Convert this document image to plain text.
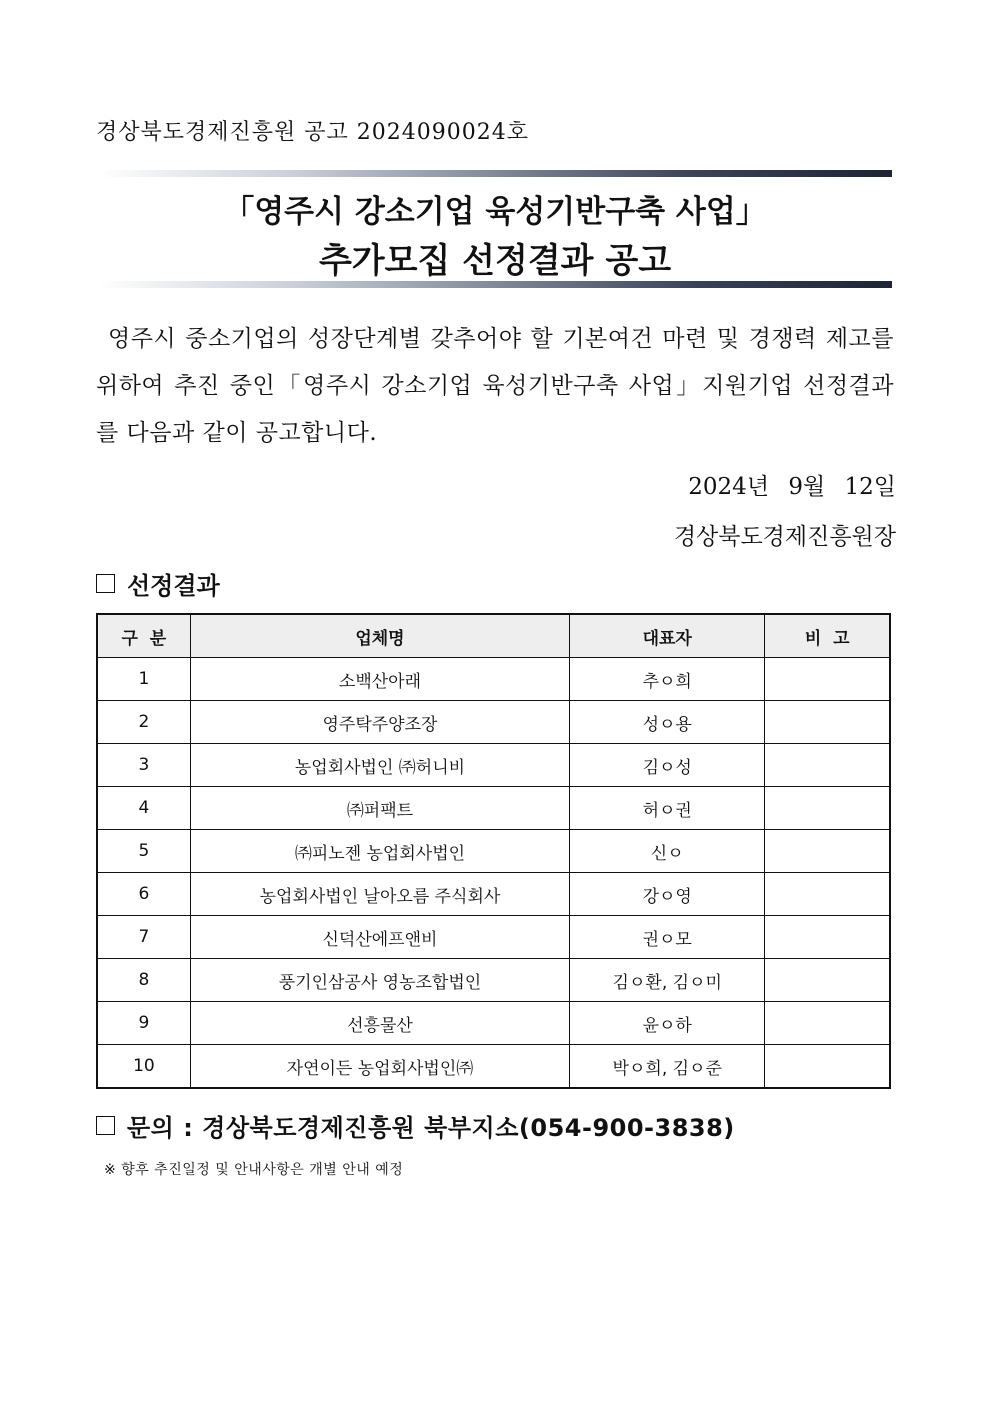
경상북도경제진흥원 공고 2024090024호
「영주시 강소기업 육성기반구축 사업」
추가모집 선정결과 공고
영주시 중소기업의 성장단계별 갖추어야 할 기본여건 마련 및 경쟁력 제고를 위하여 추진 중인「영주시 강소기업 육성기반구축 사업」지원기업 선정결과를 다음과 같이 공고합니다.
2024년 9월 12일
경상북도경제진흥원장
선정결과
구  분	업체명	대표자	비  고
1	소백산아래	추ㅇ희	
2	영주탁주양조장	성ㅇ용	
3	농업회사법인 ㈜허니비	김ㅇ성	
4	㈜퍼팩트	허ㅇ권	
5	㈜피노젠 농업회사법인	신ㅇ	
6	농업회사법인 날아오름 주식회사	강ㅇ영	
7	신덕산에프앤비	권ㅇ모	
8	풍기인삼공사 영농조합법인	김ㅇ환, 김ㅇ미	
9	선흥물산	윤ㅇ하	
10	자연이든 농업회사법인㈜	박ㅇ희, 김ㅇ준	
문의 : 경상북도경제진흥원 북부지소(054-900-3838)
※ 향후 추진일정 및 안내사항은 개별 안내 예정
